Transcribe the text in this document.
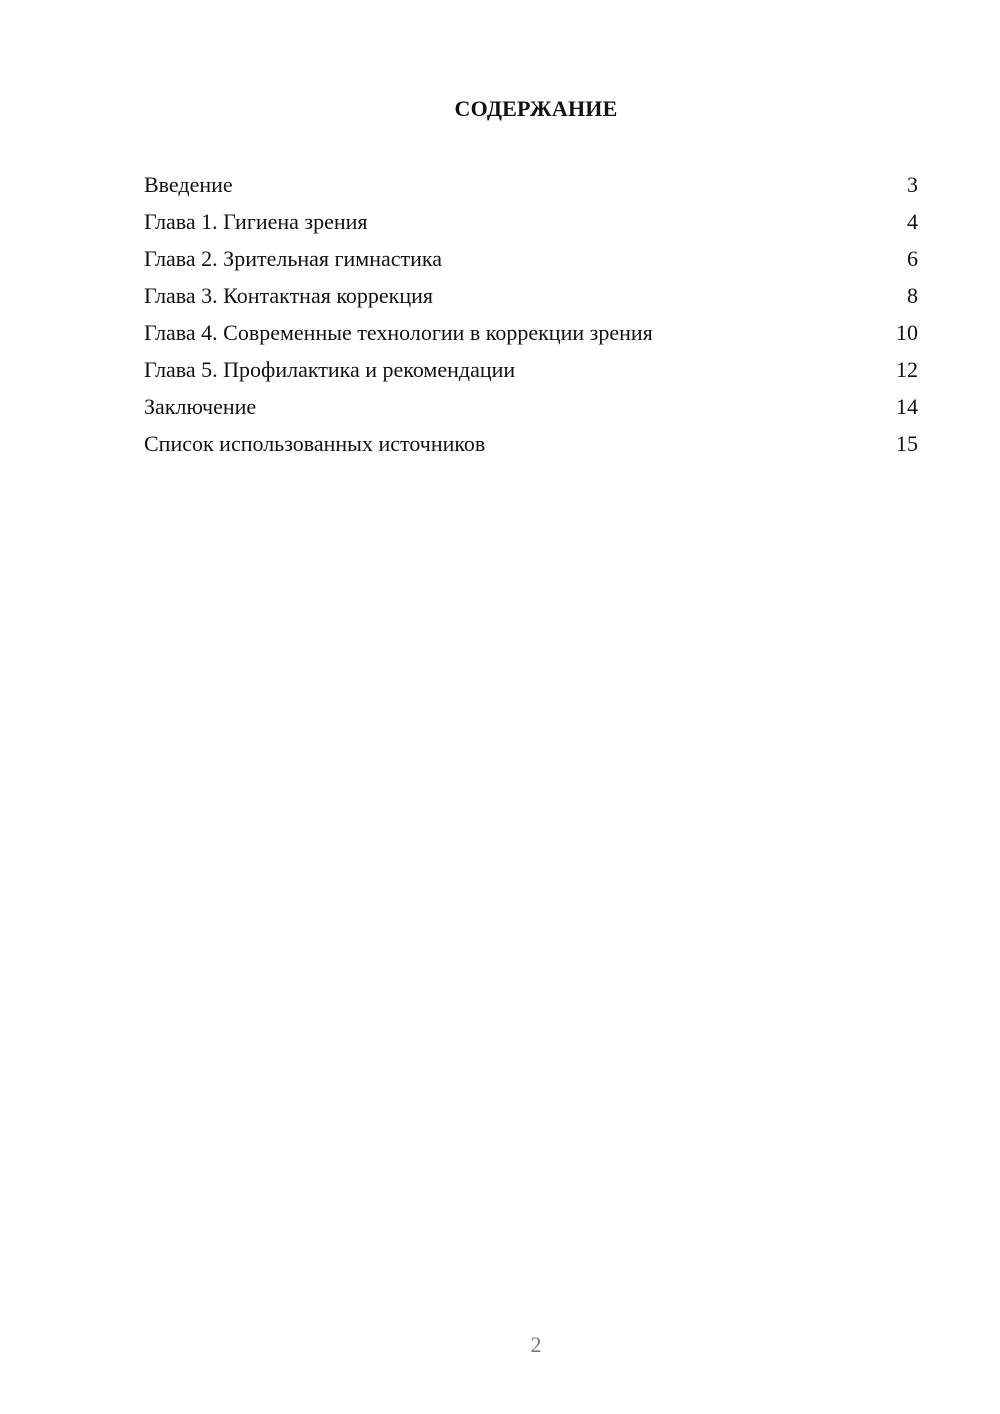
СОДЕРЖАНИЕ
Введение	3
Глава 1. Гигиена зрения	4
Глава 2. Зрительная гимнастика	6
Глава 3. Контактная коррекция	8
Глава 4. Современные технологии в коррекции зрения	10
Глава 5. Профилактика и рекомендации	12
Заключение	14
Список использованных источников	15
2
